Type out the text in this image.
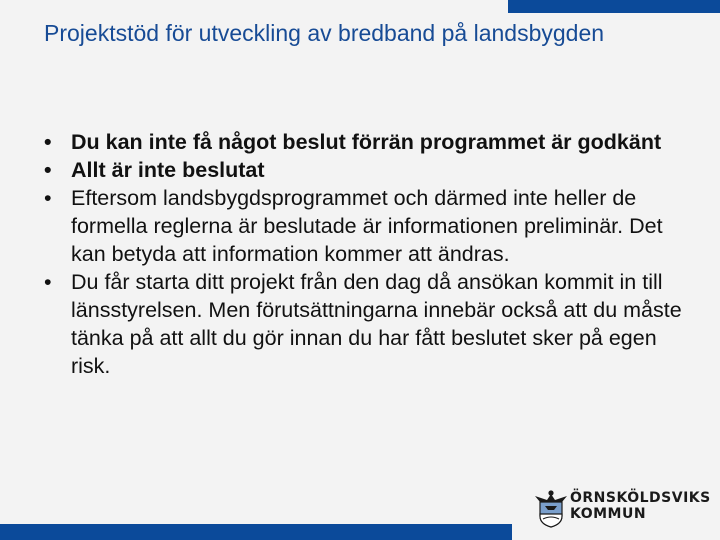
Projektstöd för utveckling av bredband på landsbygden
• Du kan inte få något beslut förrän programmet är godkänt
• Allt är inte beslutat
• Eftersom landsbygdsprogrammet och därmed inte heller de formella reglerna är beslutade är informationen preliminär. Det kan betyda att information kommer att ändras.
• Du får starta ditt projekt från den dag då ansökan kommit in till länsstyrelsen. Men förutsättningarna innebär också att du måste tänka på att allt du gör innan du har fått beslutet sker på egen risk.
ÖRNSKÖLDSVIKS
KOMMUN
